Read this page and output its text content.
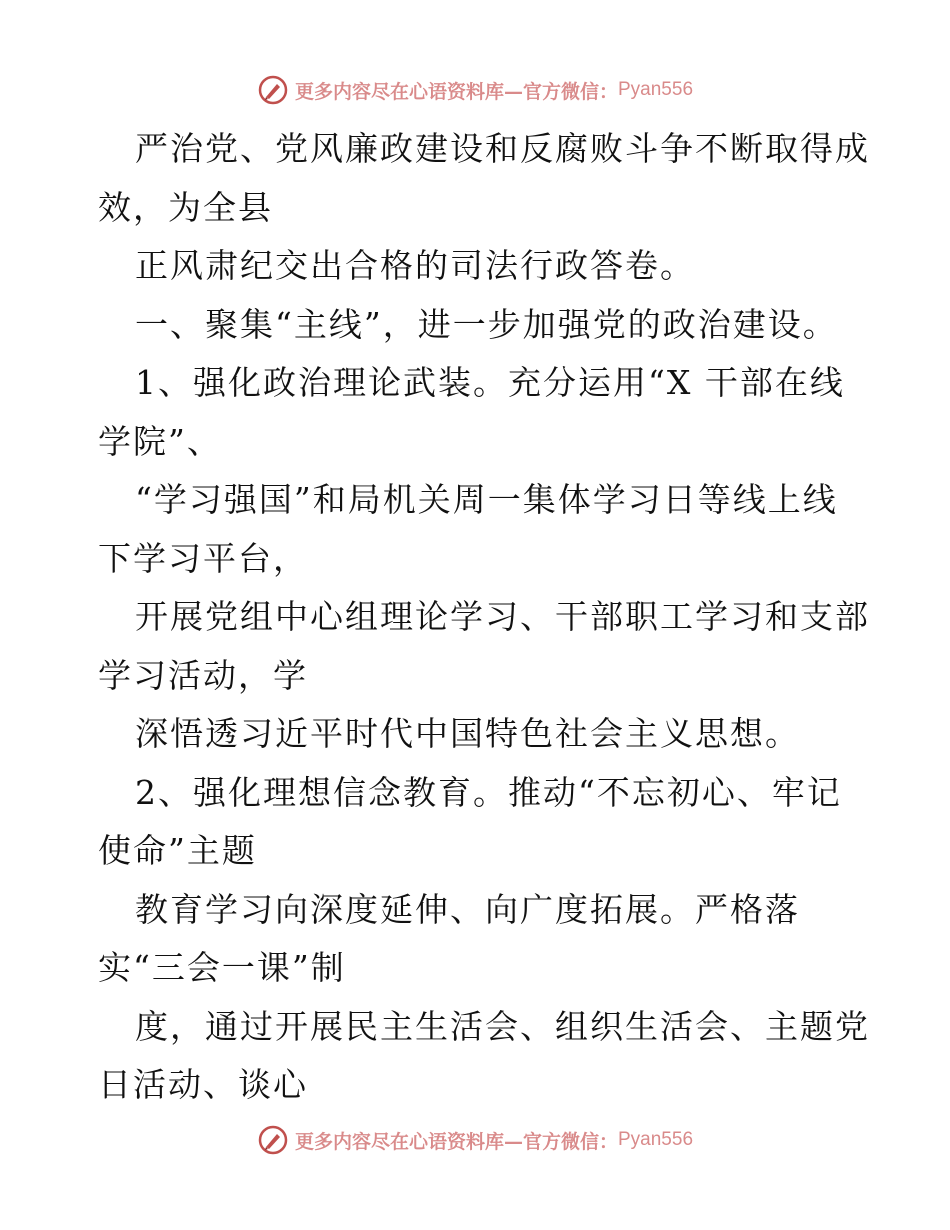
更多内容尽在心语资料库—官方微信： Pyan556
严治党、党风廉政建设和反腐败斗争不断取得成
效，为全县
正风肃纪交出合格的司法行政答卷。
一、聚集“主线”，进一步加强党的政治建设。
1、强化政治理论武装。充分运用“X 干部在线
学院”、
“学习强国”和局机关周一集体学习日等线上线
下学习平台，
开展党组中心组理论学习、干部职工学习和支部
学习活动，学
深悟透习近平时代中国特色社会主义思想。
2、强化理想信念教育。推动“不忘初心、牢记
使命”主题
教育学习向深度延伸、向广度拓展。严格落
实“三会一课”制
度，通过开展民主生活会、组织生活会、主题党
日活动、谈心
更多内容尽在心语资料库—官方微信： Pyan556
